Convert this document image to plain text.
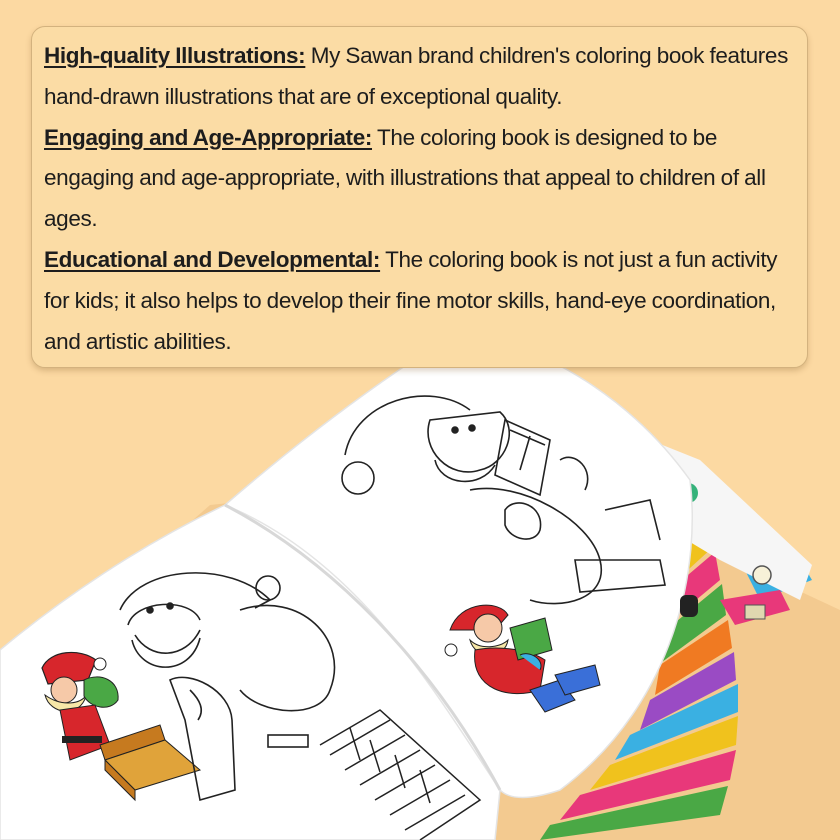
High-quality Illustrations: My Sawan brand children's coloring book features hand-drawn illustrations that are of exceptional quality.

Engaging and Age-Appropriate: The coloring book is designed to be engaging and age-appropriate, with illustrations that appeal to children of all ages.

Educational and Developmental: The coloring book is not just a fun activity for kids; it also helps to develop their fine motor skills, hand-eye coordination, and artistic abilities.
